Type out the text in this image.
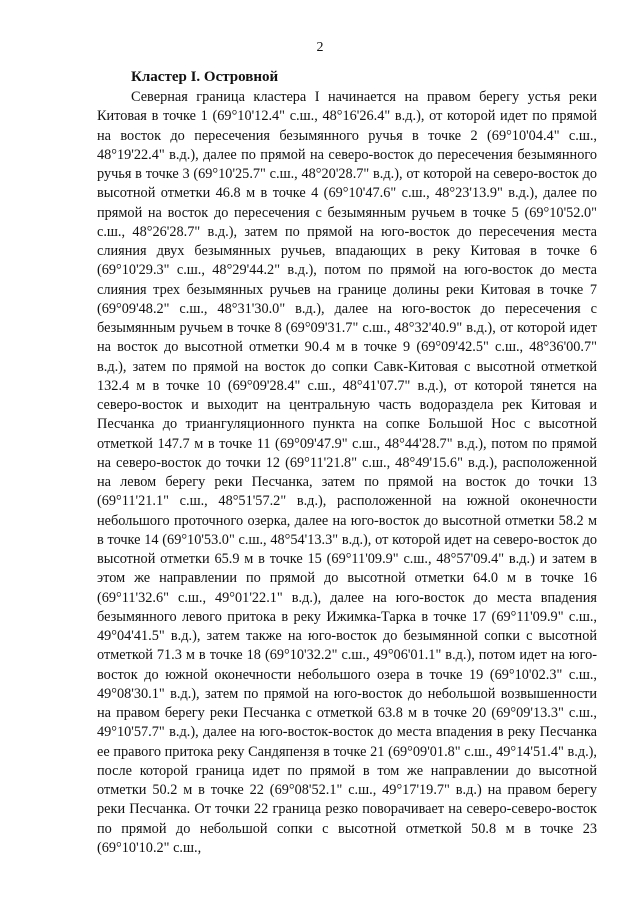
2

Кластер I. Островной

Северная граница кластера I начинается на правом берегу устья реки Китовая в точке 1 (69°10'12.4" с.ш., 48°16'26.4" в.д.), от которой идет по прямой на восток до пересечения безымянного ручья в точке 2 (69°10'04.4" с.ш., 48°19'22.4" в.д.), далее по прямой на северо-восток до пересечения безымянного ручья в точке 3 (69°10'25.7" с.ш., 48°20'28.7" в.д.), от которой на северо-восток до высотной отметки 46.8 м в точке 4 (69°10'47.6" с.ш., 48°23'13.9" в.д.), далее по прямой на восток до пересечения с безымянным ручьем в точке 5 (69°10'52.0" с.ш., 48°26'28.7" в.д.), затем по прямой на юго-восток до пересечения места слияния двух безымянных ручьев, впадающих в реку Китовая в точке 6 (69°10'29.3" с.ш., 48°29'44.2" в.д.), потом по прямой на юго-восток до места слияния трех безымянных ручьев на границе долины реки Китовая в точке 7 (69°09'48.2" с.ш., 48°31'30.0" в.д.), далее на юго-восток до пересечения с безымянным ручьем в точке 8 (69°09'31.7" с.ш., 48°32'40.9" в.д.), от которой идет на восток до высотной отметки 90.4 м в точке 9 (69°09'42.5" с.ш., 48°36'00.7" в.д.), затем по прямой на восток до сопки Савк-Китовая с высотной отметкой 132.4 м в точке 10 (69°09'28.4" с.ш., 48°41'07.7" в.д.), от которой тянется на северо-восток и выходит на центральную часть водораздела рек Китовая и Песчанка до триангуляционного пункта на сопке Большой Нос с высотной отметкой 147.7 м в точке 11 (69°09'47.9" с.ш., 48°44'28.7" в.д.), потом по прямой на северо-восток до точки 12 (69°11'21.8" с.ш., 48°49'15.6" в.д.), расположенной на левом берегу реки Песчанка, затем по прямой на восток до точки 13 (69°11'21.1" с.ш., 48°51'57.2" в.д.), расположенной на южной оконечности небольшого проточного озерка, далее на юго-восток до высотной отметки 58.2 м в точке 14 (69°10'53.0" с.ш., 48°54'13.3" в.д.), от которой идет на северо-восток до высотной отметки 65.9 м в точке 15 (69°11'09.9" с.ш., 48°57'09.4" в.д.) и затем в этом же направлении по прямой до высотной отметки 64.0 м в точке 16 (69°11'32.6" с.ш., 49°01'22.1" в.д.), далее на юго-восток до места впадения безымянного левого притока в реку Ижимка-Тарка в точке 17 (69°11'09.9" с.ш., 49°04'41.5" в.д.), затем также на юго-восток до безымянной сопки с высотной отметкой 71.3 м в точке 18 (69°10'32.2" с.ш., 49°06'01.1" в.д.), потом идет на юго-восток до южной оконечности небольшого озера в точке 19 (69°10'02.3" с.ш., 49°08'30.1" в.д.), затем по прямой на юго-восток до небольшой возвышенности на правом берегу реки Песчанка с отметкой 63.8 м в точке 20 (69°09'13.3" с.ш., 49°10'57.7" в.д.), далее на юго-восток-восток до места впадения в реку Песчанка ее правого притока реку Сандяпензя в точке 21 (69°09'01.8" с.ш., 49°14'51.4" в.д.), после которой граница идет по прямой в том же направлении до высотной отметки 50.2 м в точке 22 (69°08'52.1" с.ш., 49°17'19.7" в.д.) на правом берегу реки Песчанка. От точки 22 граница резко поворачивает на северо-северо-восток по прямой до небольшой сопки с высотной отметкой 50.8 м в точке 23 (69°10'10.2" с.ш.,
